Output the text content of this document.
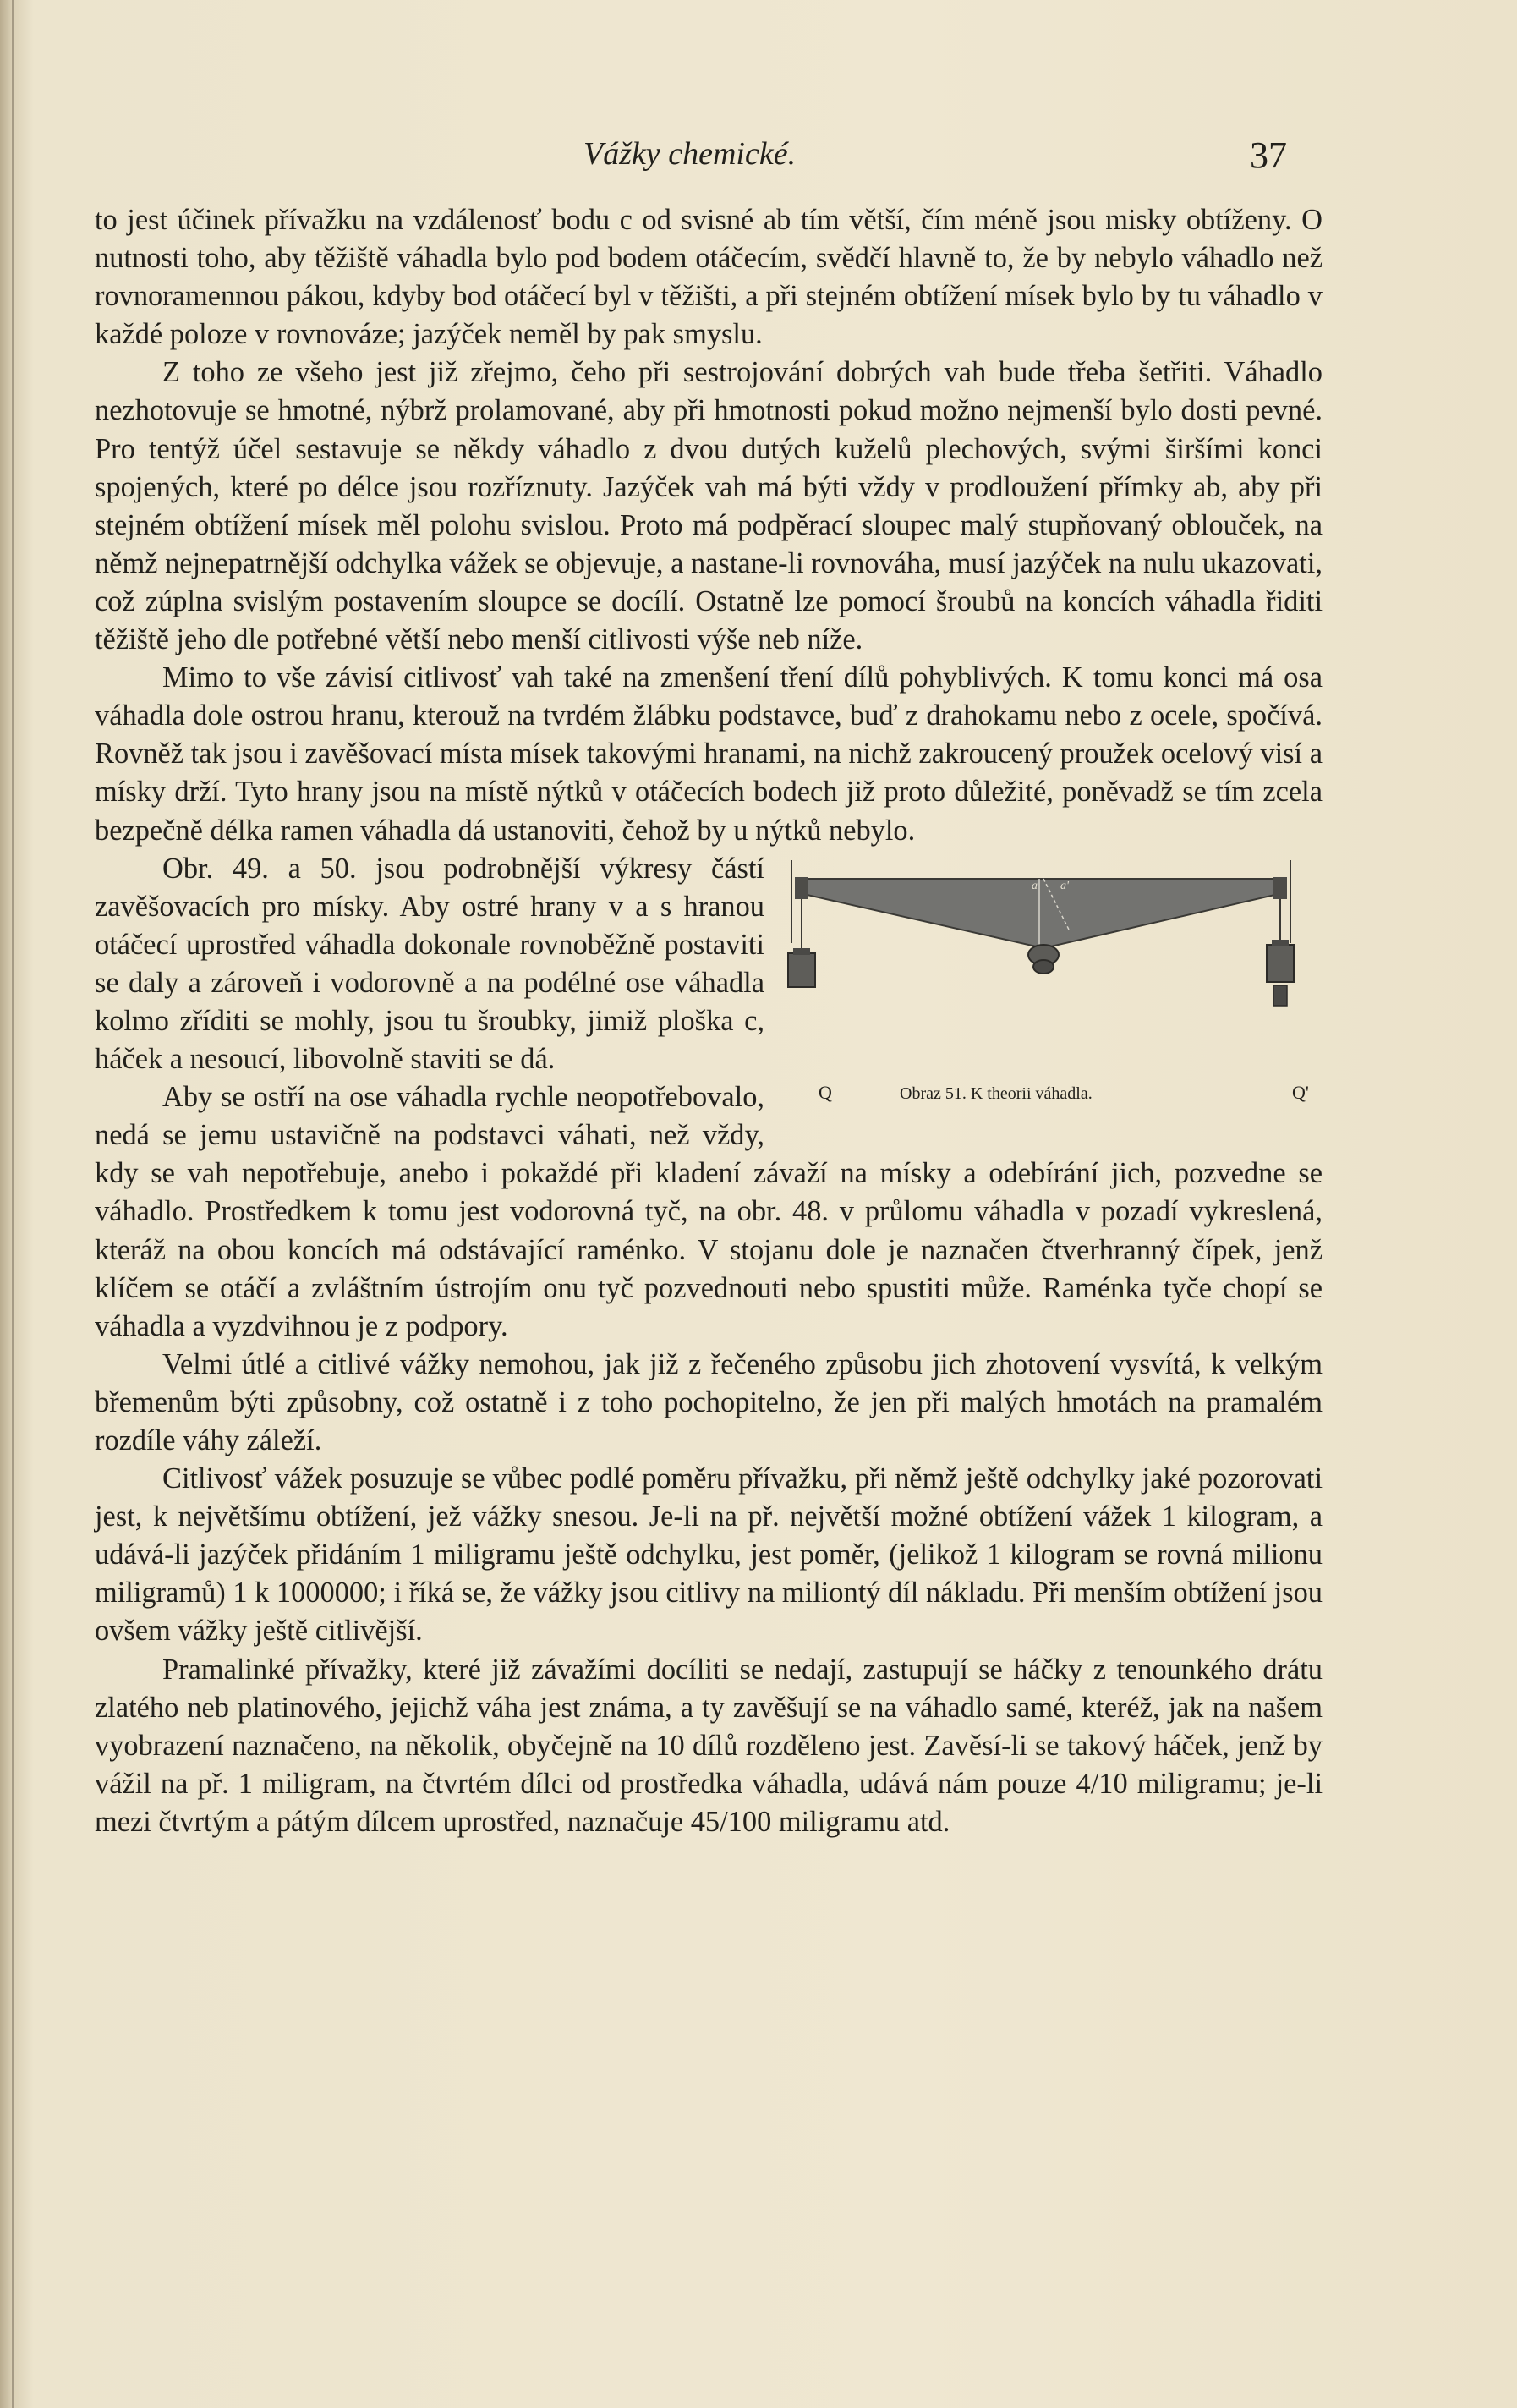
Vážky chemické.	37

to jest účinek přívažku na vzdálenosť bodu c od svisné ab tím větší, čím méně jsou misky obtíženy. O nutnosti toho, aby těžiště váhadla bylo pod bodem otáčecím, svědčí hlavně to, že by nebylo váhadlo než rovnoramennou pákou, kdyby bod otáčecí byl v těžišti, a při stejném obtížení mísek bylo by tu váhadlo v každé poloze v rovnováze; jazýček neměl by pak smyslu.

Z toho ze všeho jest již zřejmo, čeho při sestrojování dobrých vah bude třeba šetřiti. Váhadlo nezhotovuje se hmotné, nýbrž prolamované, aby při hmotnosti pokud možno nejmenší bylo dosti pevné. Pro tentýž účel sestavuje se někdy váhadlo z dvou dutých kuželů plechových, svými širšími konci spojených, které po délce jsou rozříznuty. Jazýček vah má býti vždy v prodloužení přímky ab, aby při stejném obtížení mísek měl polohu svislou. Proto má podpěrací sloupec malý stupňovaný oblouček, na němž nejnepatrnější odchylka vážek se objevuje, a nastane-li rovnováha, musí jazýček na nulu ukazovati, což zúplna svislým postavením sloupce se docílí. Ostatně lze pomocí šroubů na koncích váhadla řiditi těžiště jeho dle potřebné větší nebo menší citlivosti výše neb níže.

Mimo to vše závisí citlivosť vah také na zmenšení tření dílů pohyblivých. K tomu konci má osa váhadla dole ostrou hranu, kterouž na tvrdém žlábku podstavce, buď z drahokamu nebo z ocele, spočívá. Rovněž tak jsou i zavěšovací místa mísek takovými hranami, na nichž zakroucený proužek ocelový visí a mísky drží. Tyto hrany jsou na místě nýtků v otáčecích bodech již proto důležité, poněvadž se tím zcela bezpečně délka ramen váhadla dá ustanoviti, čehož by u nýtků nebylo.

a a'
Q	Obraz 51. K theorii váhadla.	Q'

Obr. 49. a 50. jsou podrobnější výkresy částí zavěšovacích pro mísky. Aby ostré hrany v a s hranou otáčecí uprostřed váhadla dokonale rovnoběžně postaviti se daly a zároveň i vodorovně a na podélné ose váhadla kolmo zříditi se mohly, jsou tu šroubky, jimiž ploška c, háček a nesoucí, libovolně staviti se dá.

Aby se ostří na ose váhadla rychle neopotřebovalo, nedá se jemu ustavičně na podstavci váhati, než vždy, kdy se vah nepotřebuje, anebo i pokaždé při kladení závaží na mísky a odebírání jich, pozvedne se váhadlo. Prostředkem k tomu jest vodorovná tyč, na obr. 48. v průlomu váhadla v pozadí vykreslená, kteráž na obou koncích má odstávající raménko. V stojanu dole je naznačen čtverhranný čípek, jenž klíčem se otáčí a zvláštním ústrojím onu tyč pozvednouti nebo spustiti může. Raménka tyče chopí se váhadla a vyzdvihnou je z podpory.

Velmi útlé a citlivé vážky nemohou, jak již z řečeného způsobu jich zhotovení vysvítá, k velkým břemenům býti způsobny, což ostatně i z toho pochopitelno, že jen při malých hmotách na pramalém rozdíle váhy záleží.

Citlivosť vážek posuzuje se vůbec podlé poměru přívažku, při němž ještě odchylky jaké pozorovati jest, k největšímu obtížení, jež vážky snesou. Je-li na př. největší možné obtížení vážek 1 kilogram, a udává-li jazýček přidáním 1 miligramu ještě odchylku, jest poměr, (jelikož 1 kilogram se rovná milionu miligramů) 1 k 1000000; i říká se, že vážky jsou citlivy na miliontý díl nákladu. Při menším obtížení jsou ovšem vážky ještě citlivější.

Pramalinké přívažky, které již závažími docíliti se nedají, zastupují se háčky z tenounkého drátu zlatého neb platinového, jejichž váha jest známa, a ty zavěšují se na váhadlo samé, kteréž, jak na našem vyobrazení naznačeno, na několik, obyčejně na 10 dílů rozděleno jest. Zavěsí-li se takový háček, jenž by vážil na př. 1 miligram, na čtvrtém dílci od prostředka váhadla, udává nám pouze 4/10 miligramu; je-li mezi čtvrtým a pátým dílcem uprostřed, naznačuje 45/100 miligramu atd.
